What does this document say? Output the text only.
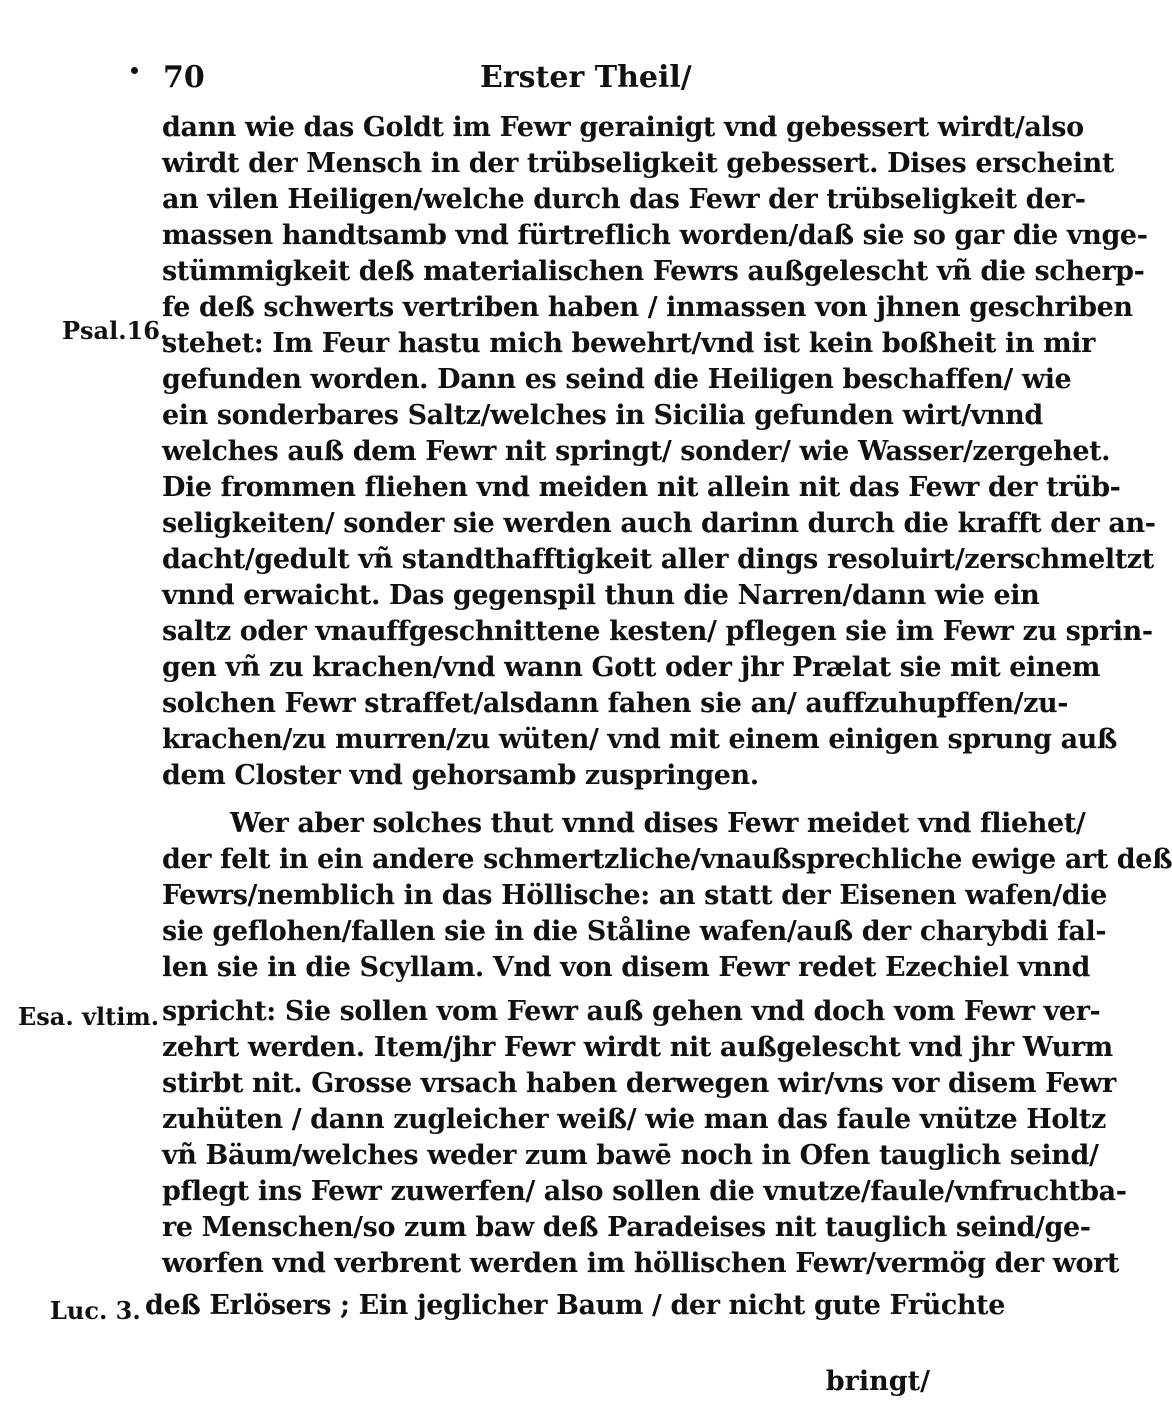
70	Erster Theil/
Psal.16.
Esa. vltim.
Luc. 3.
dann wie das Goldt im Fewr gerainigt vnd gebessert wirdt/also
wirdt der Mensch in der trübseligkeit gebessert. Dises erscheint
an vilen Heiligen/welche durch das Fewr der trübseligkeit der-
massen handtsamb vnd fürtreflich worden/daß sie so gar die vnge-
stümmigkeit deß materialischen Fewrs außgelescht vñ die scherp-
fe deß schwerts vertriben haben / inmassen von jhnen geschriben
stehet: Im Feur hastu mich bewehrt/vnd ist kein boßheit in mir
gefunden worden. Dann es seind die Heiligen beschaffen/ wie
ein sonderbares Saltz/welches in Sicilia gefunden wirt/vnnd
welches auß dem Fewr nit springt/ sonder/ wie Wasser/zergehet.
Die frommen fliehen vnd meiden nit allein nit das Fewr der trüb-
seligkeiten/ sonder sie werden auch darinn durch die krafft der an-
dacht/gedult vñ standthafftigkeit aller dings resoluirt/zerschmeltzt
vnnd erwaicht. Das gegenspil thun die Narren/dann wie ein
saltz oder vnauffgeschnittene kesten/ pflegen sie im Fewr zu sprin-
gen vñ zu krachen/vnd wann Gott oder jhr Prælat sie mit einem
solchen Fewr straffet/alsdann fahen sie an/ auffzuhupffen/zu-
krachen/zu murren/zu wüten/ vnd mit einem einigen sprung auß
dem Closter vnd gehorsamb zuspringen.
Wer aber solches thut vnnd dises Fewr meidet vnd fliehet/
der felt in ein andere schmertzliche/vnaußsprechliche ewige art deß
Fewrs/nemblich in das Höllische: an statt der Eisenen wafen/die
sie geflohen/fallen sie in die Ståline wafen/auß der charybdi fal-
len sie in die Scyllam. Vnd von disem Fewr redet Ezechiel vnnd
spricht: Sie sollen vom Fewr auß gehen vnd doch vom Fewr ver-
zehrt werden. Item/jhr Fewr wirdt nit außgelescht vnd jhr Wurm
stirbt nit. Grosse vrsach haben derwegen wir/vns vor disem Fewr
zuhüten / dann zugleicher weiß/ wie man das faule vnütze Holtz
vñ Bäum/welches weder zum bawē noch in Ofen tauglich seind/
pflegt ins Fewr zuwerfen/ also sollen die vnutze/faule/vnfruchtba-
re Menschen/so zum baw deß Paradeises nit tauglich seind/ge-
worfen vnd verbrent werden im höllischen Fewr/vermög der wort
deß Erlösers ; Ein jeglicher Baum / der nicht gute Früchte
bringt/
